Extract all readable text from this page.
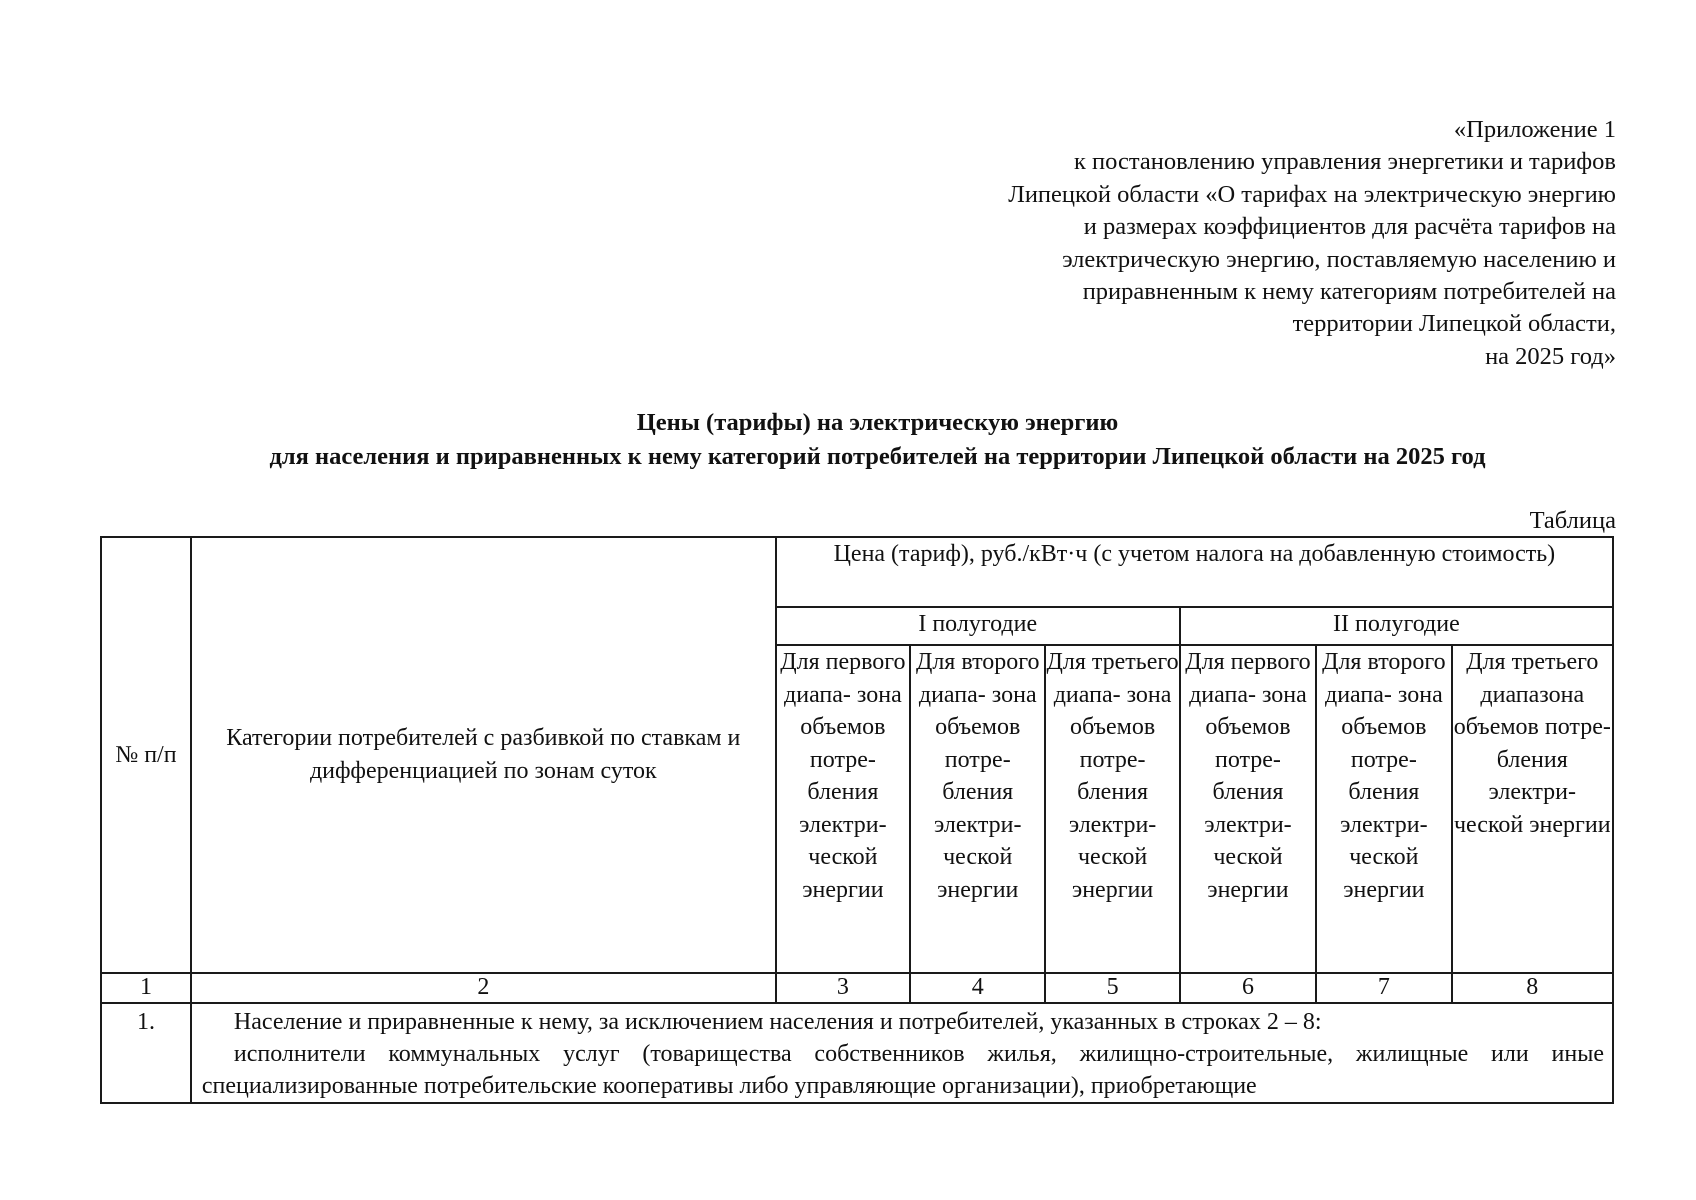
«Приложение 1
к постановлению управления энергетики и тарифов
Липецкой области «О тарифах на электрическую энергию
и размерах коэффициентов для расчёта тарифов на
электрическую энергию, поставляемую населению и
приравненным к нему категориям потребителей на
территории Липецкой области,
на 2025 год»
Цены (тарифы) на электрическую энергию
для населения и приравненных к нему категорий потребителей на территории Липецкой области на 2025 год
Таблица
№ п/п	Категории потребителей с разбивкой по ставкам и дифференциацией по зонам суток	Цена (тариф), руб./кВт·ч (с учетом налога на добавленную стоимость)					
		I полугодие			II полугодие		
		Для первого диапа- зона объемов потре- бления электри- ческой энергии	Для второго диапа- зона объемов потре- бления электри- ческой энергии	Для третьего диапа- зона объемов потре- бления электри- ческой энергии	Для первого диапа- зона объемов потре- бления электри- ческой энергии	Для второго диапа- зона объемов потре- бления электри- ческой энергии	Для третьего диапазона объемов потре- бления электри- ческой энергии
1	2	3	4	5	6	7	8
1.	Население и приравненные к нему, за исключением населения и потребителей, указанных в строках 2 – 8:

исполнители коммунальных услуг (товарищества собственников жилья, жилищно-строительные, жилищные или иные специализированные потребительские кооперативы либо управляющие организации), приобретающие						
